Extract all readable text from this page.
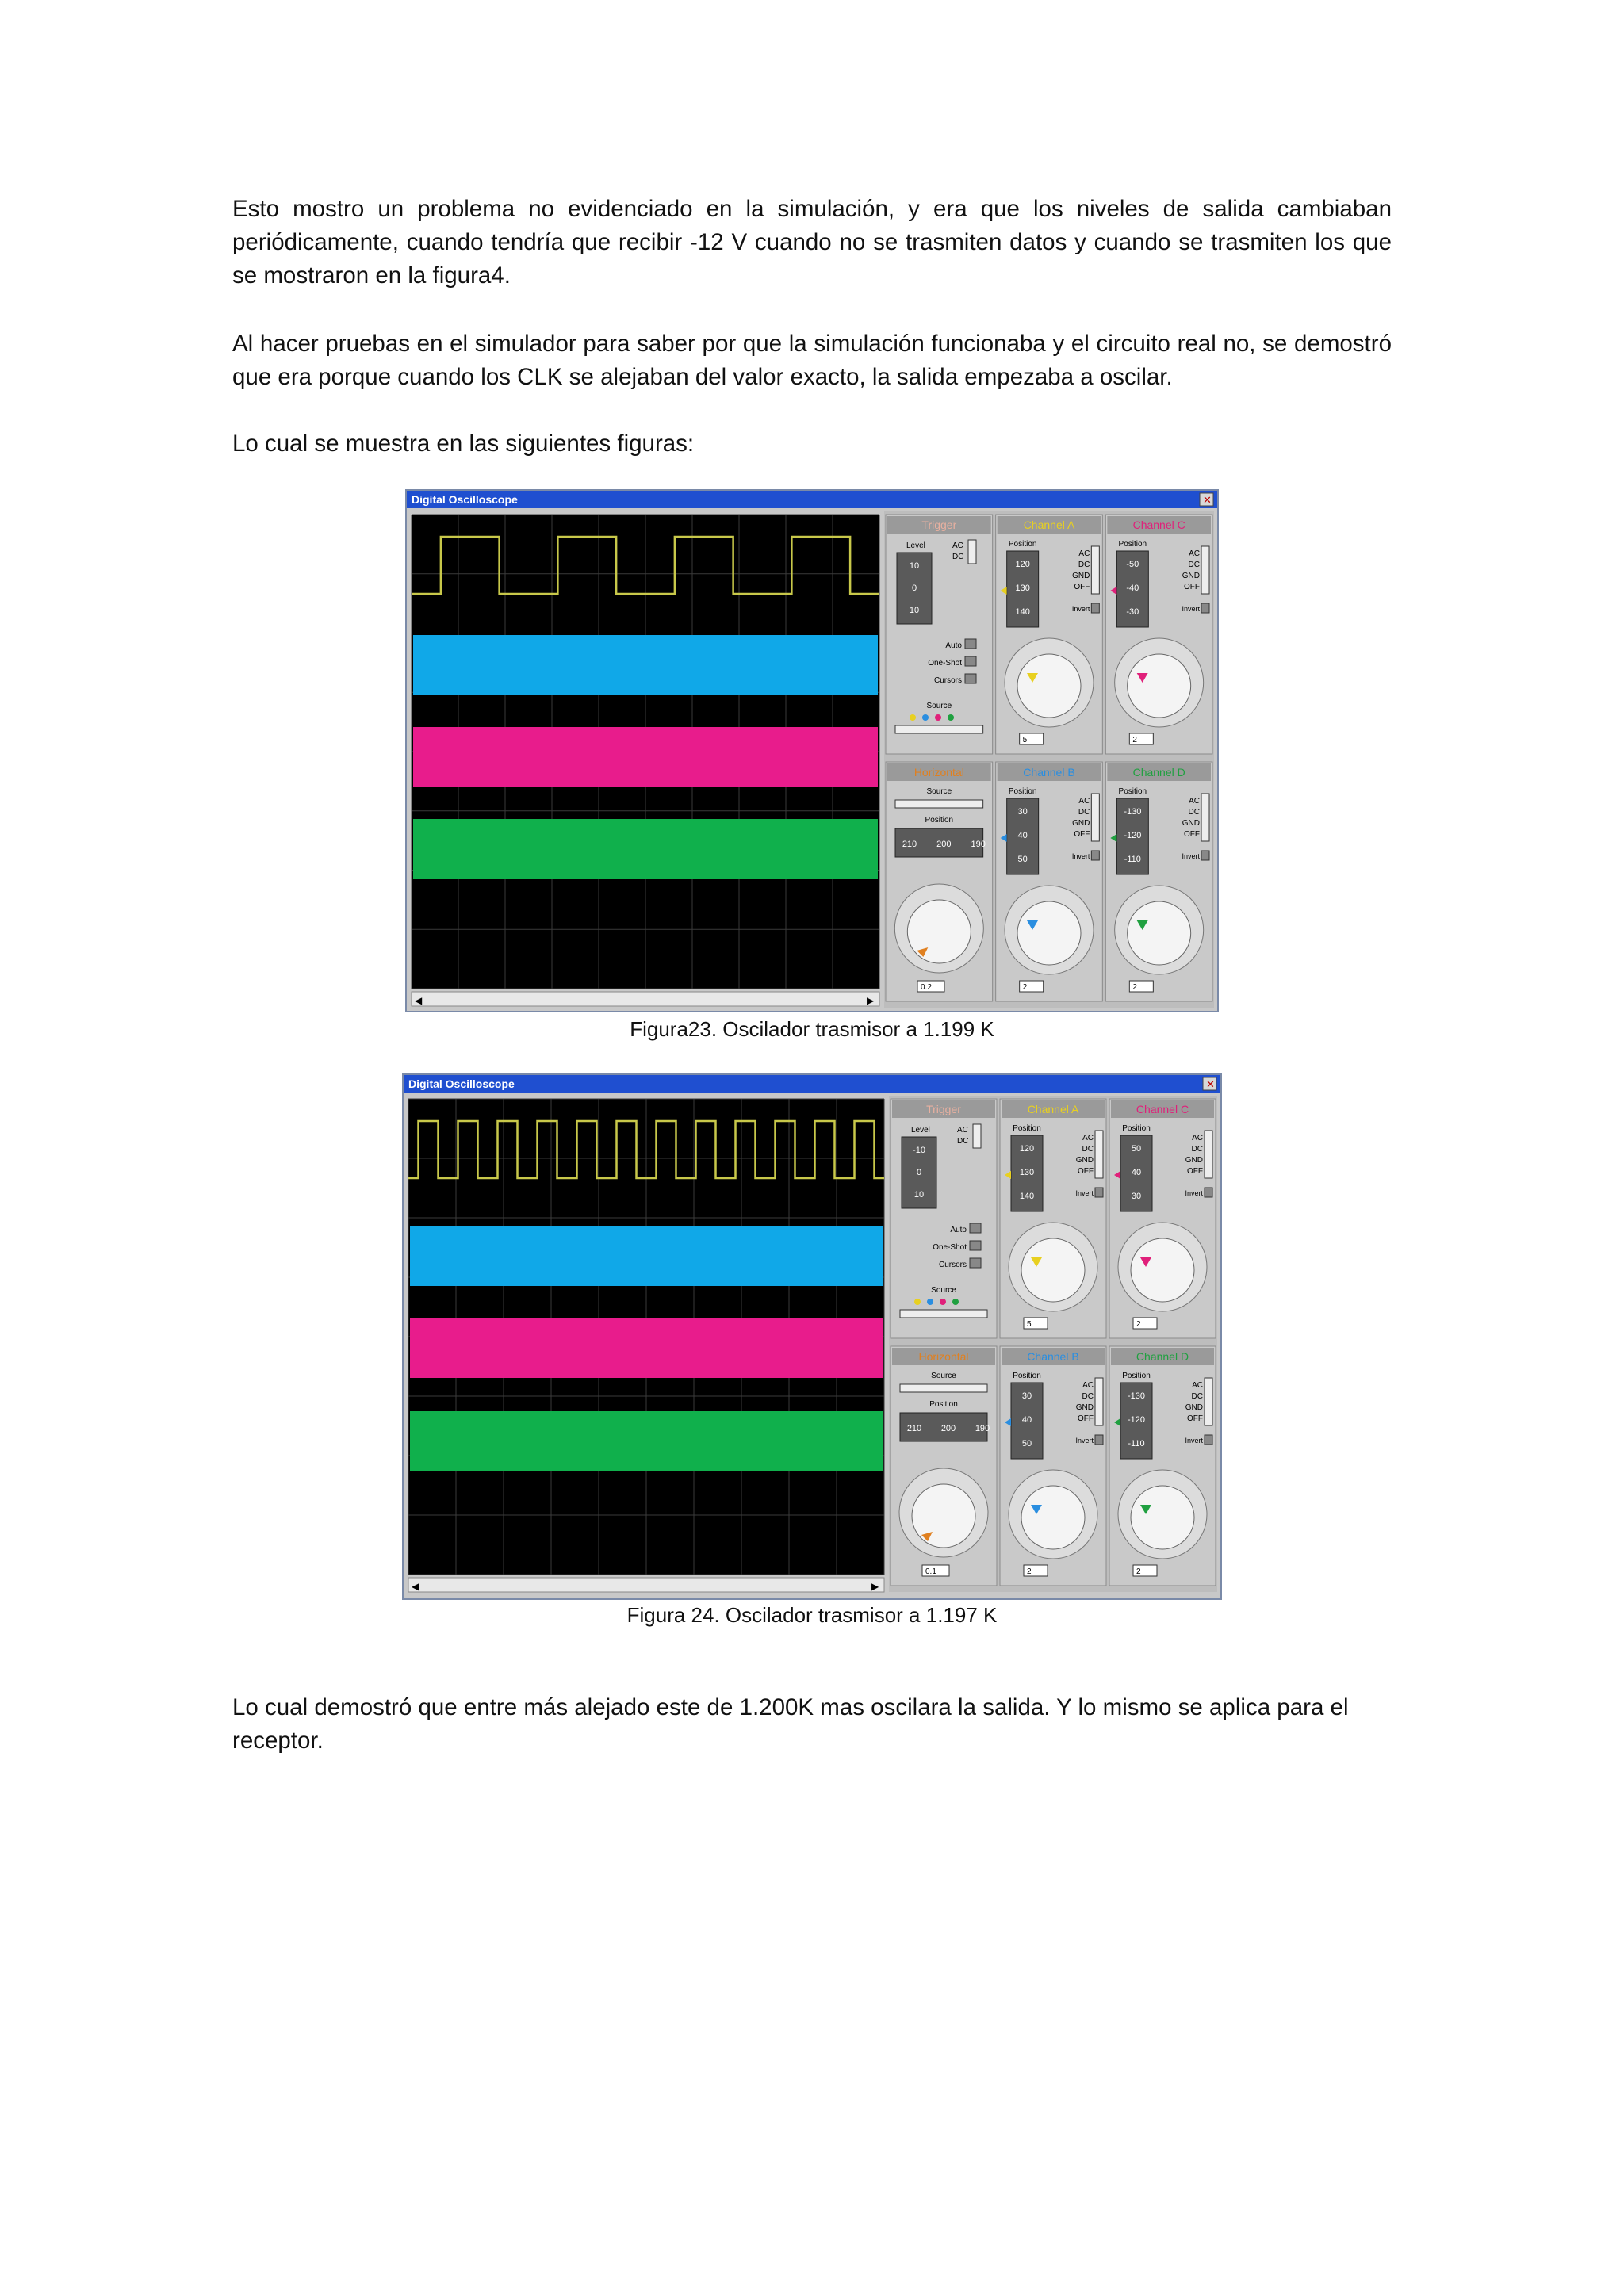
Esto mostro un problema no evidenciado en la simulación, y era que los niveles de salida cambiaban periódicamente, cuando tendría que recibir -12 V cuando no se trasmiten datos y cuando se trasmiten los que se mostraron en la figura4.

Al hacer pruebas en el simulador para saber por que la simulación funcionaba y el circuito real no, se demostró que era porque cuando los CLK se alejaban del valor exacto, la salida empezaba a oscilar.

Lo cual se muestra en las siguientes figuras:

Digital Oscilloscope	✕
◀	▶
Trigger
Level
10
0
10
AC
DC
Auto
One-Shot
Cursors
Source
Channel A
Position
120
130
140
AC
DC
GND
OFF
Invert
5
Channel C
Position
-50
-40
-30
AC
DC
GND
OFF
Invert
2
Horizontal
Source
Position
210 200 190
0.2
Channel B
Position
30
40
50
AC
DC
GND
OFF
Invert
2
Channel D
Position
-130
-120
-110
AC
DC
GND
OFF
Invert
2

Figura23. Oscilador trasmisor a 1.199 K

Digital Oscilloscope	✕
◀	▶
Trigger
Level
-10
0
10
AC
DC
Auto
One-Shot
Cursors
Source
Channel A
Position
120
130
140
AC
DC
GND
OFF
Invert
5
Channel C
Position
50
40
30
AC
DC
GND
OFF
Invert
2
Horizontal
Source
Position
210 200 190
0.1
Channel B
Position
30
40
50
AC
DC
GND
OFF
Invert
2
Channel D
Position
-130
-120
-110
AC
DC
GND
OFF
Invert
2

Figura 24. Oscilador trasmisor a 1.197 K

Lo cual demostró que entre más alejado este de 1.200K mas oscilara la salida. Y lo mismo se aplica para el receptor.
